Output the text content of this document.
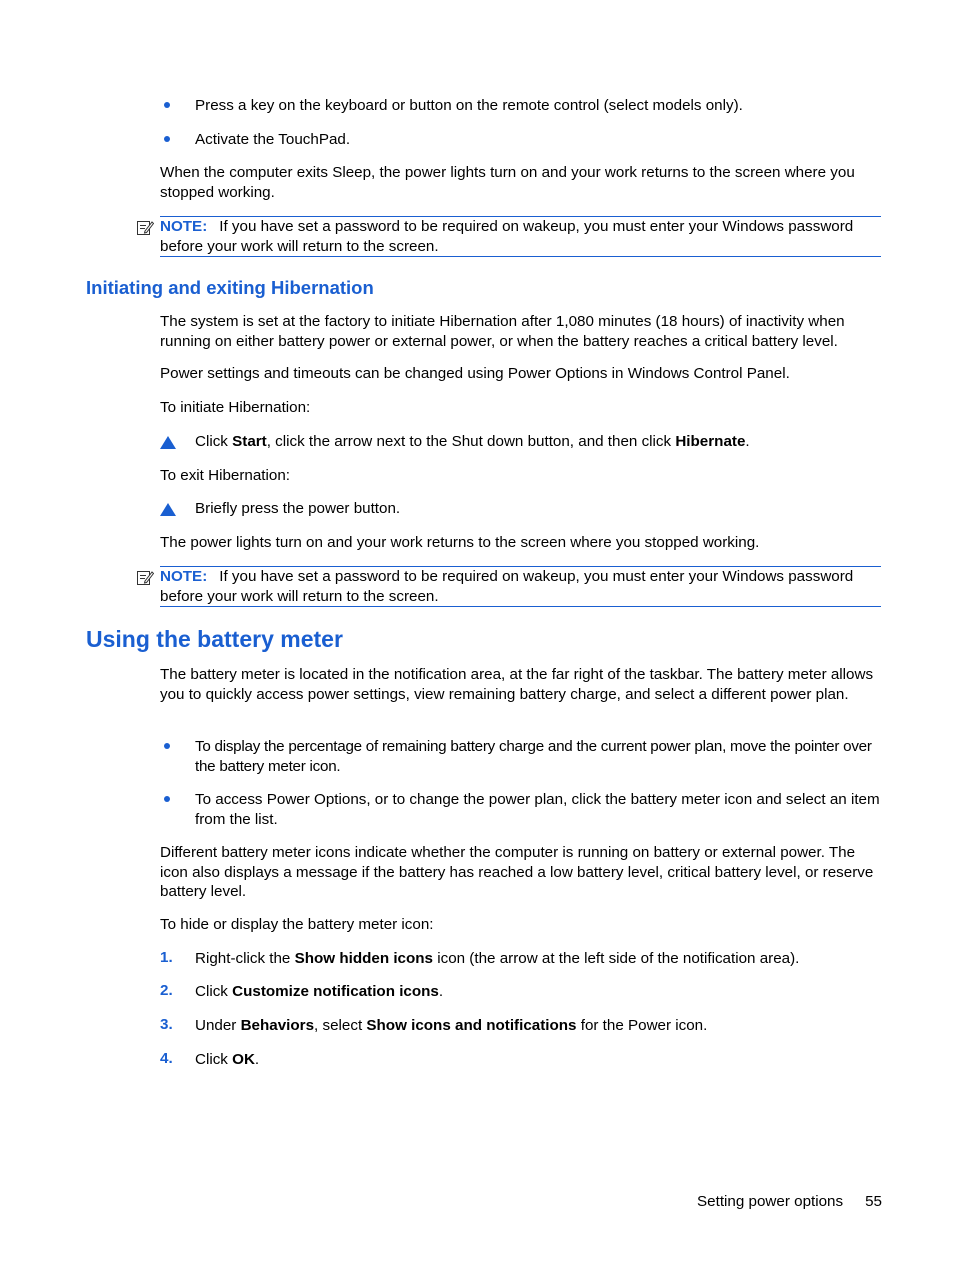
Press a key on the keyboard or button on the remote control (select models only).

Activate the TouchPad.

When the computer exits Sleep, the power lights turn on and your work returns to the screen where you stopped working.

NOTE: If you have set a password to be required on wakeup, you must enter your Windows password before your work will return to the screen.
Initiating and exiting Hibernation

The system is set at the factory to initiate Hibernation after 1,080 minutes (18 hours) of inactivity when running on either battery power or external power, or when the battery reaches a critical battery level.

Power settings and timeouts can be changed using Power Options in Windows Control Panel.

To initiate Hibernation:

Click Start, click the arrow next to the Shut down button, and then click Hibernate.

To exit Hibernation:

Briefly press the power button.

The power lights turn on and your work returns to the screen where you stopped working.

NOTE: If you have set a password to be required on wakeup, you must enter your Windows password before your work will return to the screen.
Using the battery meter

The battery meter is located in the notification area, at the far right of the taskbar. The battery meter allows you to quickly access power settings, view remaining battery charge, and select a different power plan.

To display the percentage of remaining battery charge and the current power plan, move the pointer over the battery meter icon.

To access Power Options, or to change the power plan, click the battery meter icon and select an item from the list.

Different battery meter icons indicate whether the computer is running on battery or external power. The icon also displays a message if the battery has reached a low battery level, critical battery level, or reserve battery level.

To hide or display the battery meter icon:

1. Right-click the Show hidden icons icon (the arrow at the left side of the notification area).

2. Click Customize notification icons.

3. Under Behaviors, select Show icons and notifications for the Power icon.

4. Click OK.

Setting power options 55
